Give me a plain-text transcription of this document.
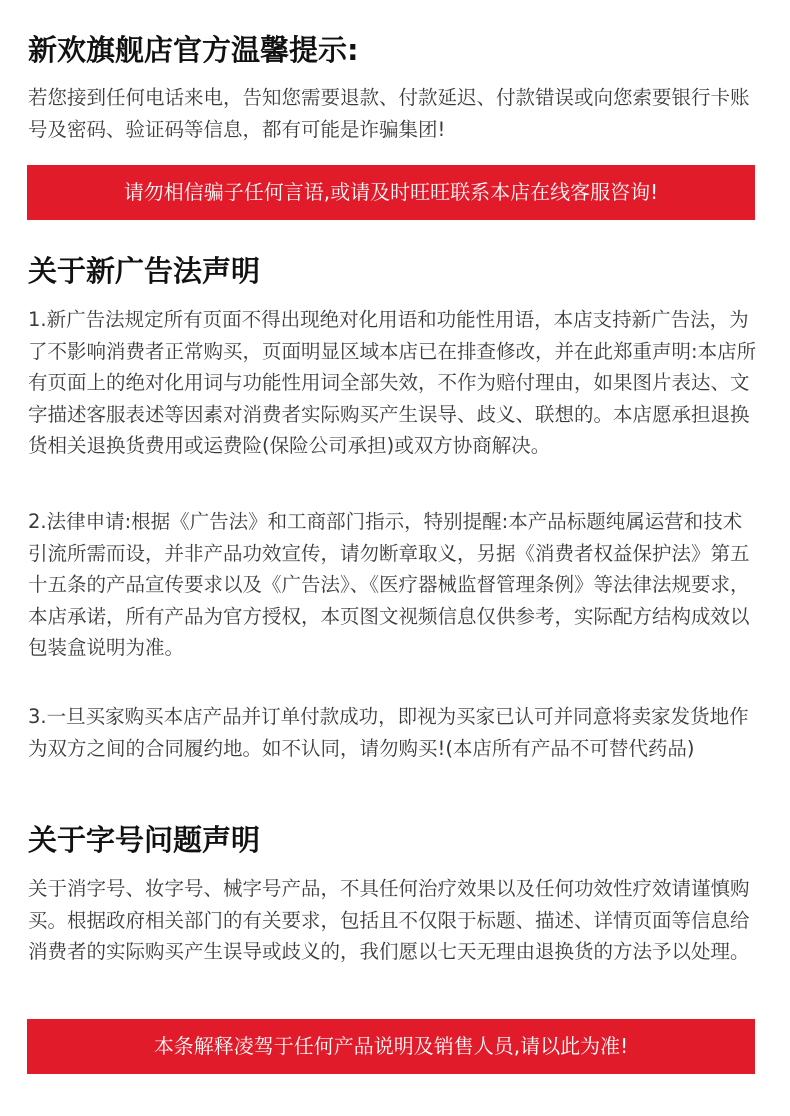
新欢旗舰店官方温馨提示:

若您接到任何电话来电，告知您需要退款、付款延迟、付款错误或向您索要银行卡账号及密码、验证码等信息，都有可能是诈骗集团!

请勿相信骗子任何言语,或请及时旺旺联系本店在线客服咨询!
关于新广告法声明

1.新广告法规定所有页面不得出现绝对化用语和功能性用语，本店支持新广告法，为了不影响消费者正常购买，页面明显区域本店已在排查修改，并在此郑重声明:本店所有页面上的绝对化用词与功能性用词全部失效，不作为赔付理由，如果图片表达、文字描述客服表述等因素对消费者实际购买产生误导、歧义、联想的。本店愿承担退换货相关退换货费用或运费险(保险公司承担)或双方协商解决。

2.法律申请:根据《广告法》和工商部门指示，特别提醒:本产品标题纯属运营和技术引流所需而设，并非产品功效宣传，请勿断章取义，另据《消费者权益保护法》第五十五条的产品宣传要求以及《广告法》、《医疗器械监督管理条例》等法律法规要求，本店承诺，所有产品为官方授权，本页图文视频信息仅供参考，实际配方结构成效以包装盒说明为准。

3.一旦买家购买本店产品并订单付款成功，即视为买家已认可并同意将卖家发货地作为双方之间的合同履约地。如不认同，请勿购买!(本店所有产品不可替代药品)

关于字号问题声明

关于消字号、妆字号、械字号产品，不具任何治疗效果以及任何功效性疗效请谨慎购买。根据政府相关部门的有关要求，包括且不仅限于标题、描述、详情页面等信息给消费者的实际购买产生误导或歧义的，我们愿以七天无理由退换货的方法予以处理。

本条解释凌驾于任何产品说明及销售人员,请以此为准!
